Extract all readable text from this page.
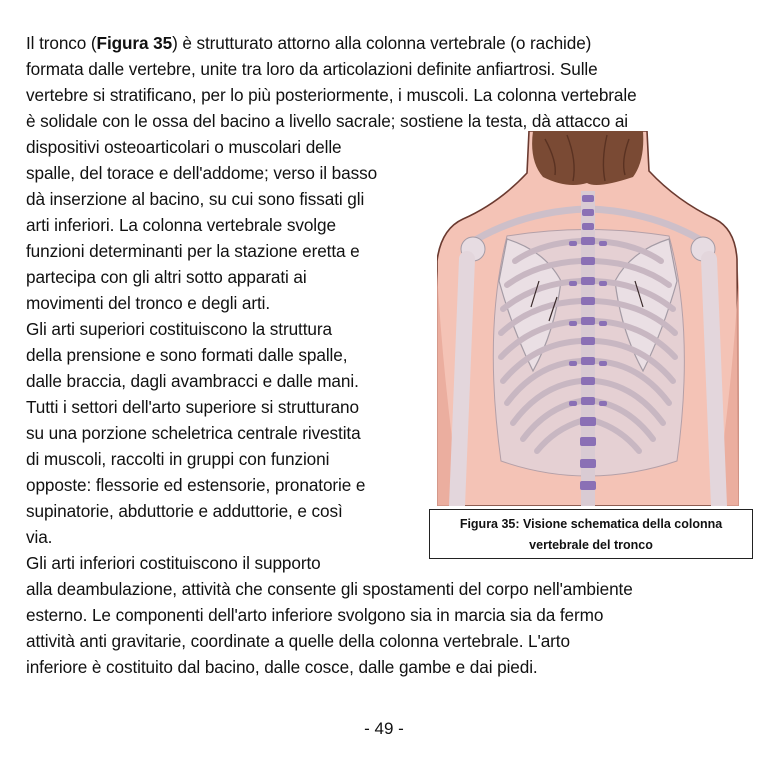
Il tronco (Figura 35) è strutturato attorno alla colonna vertebrale (o rachide)
formata dalle vertebre, unite tra loro da articolazioni definite anfiartrosi. Sulle
vertebre si stratificano, per lo più posteriormente, i muscoli. La colonna vertebrale
è solidale con le ossa del bacino a livello sacrale; sostiene la testa, dà attacco ai
dispositivi osteoarticolari o muscolari delle
spalle, del torace e dell'addome; verso il basso
dà inserzione al bacino, su cui sono fissati gli
arti inferiori. La colonna vertebrale svolge
funzioni determinanti per la stazione eretta e
partecipa con gli altri sotto apparati ai
movimenti del tronco e degli arti.
Gli arti superiori costituiscono la struttura
della prensione e sono formati dalle spalle,
dalle braccia, dagli avambracci e dalle mani.
Tutti i settori dell'arto superiore si strutturano
su una porzione scheletrica centrale rivestita
di muscoli, raccolti in gruppi con funzioni
opposte: flessorie ed estensorie, pronatorie e
supinatorie, abduttorie e adduttorie, e così
via.
Gli arti inferiori costituiscono il supporto
alla deambulazione, attività che consente gli spostamenti del corpo nell'ambiente
esterno. Le componenti dell'arto inferiore svolgono sia in marcia sia da fermo
attività anti gravitarie, coordinate a quelle della colonna vertebrale. L'arto
inferiore è costituito dal bacino, dalle cosce, dalle gambe e dai piedi.
Figura 35: Visione schematica della colonna
vertebrale del tronco
- 49 -
